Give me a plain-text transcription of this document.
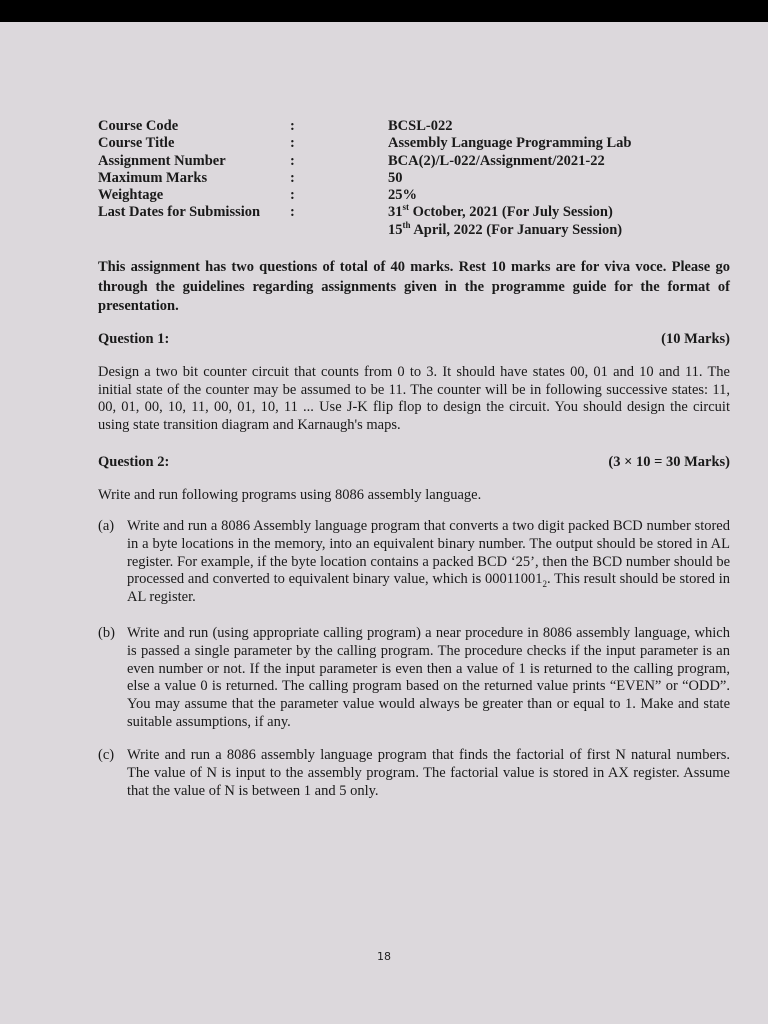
Course Code	:	BCSL-022
Course Title	:	Assembly Language Programming Lab
Assignment Number	:	BCA(2)/L-022/Assignment/2021-22
Maximum Marks	:	50
Weightage	:	25%
Last Dates for Submission :	31st October, 2021 (For July Session)
15th April, 2022 (For January Session)
This assignment has two questions of total of 40 marks. Rest 10 marks are for viva voce. Please go through the guidelines regarding assignments given in the programme guide for the format of presentation.
Question 1:	(10 Marks)
Design a two bit counter circuit that counts from 0 to 3. It should have states 00, 01 and 10 and 11. The initial state of the counter may be assumed to be 11. The counter will be in following successive states: 11, 00, 01, 00, 10, 11, 00, 01, 10, 11 ... Use J-K flip flop to design the circuit. You should design the circuit using state transition diagram and Karnaugh's maps.
Question 2:	(3 × 10 = 30 Marks)
Write and run following programs using 8086 assembly language.
(a) Write and run a 8086 Assembly language program that converts a two digit packed BCD number stored in a byte locations in the memory, into an equivalent binary number. The output should be stored in AL register. For example, if the byte location contains a packed BCD ‘25’, then the BCD number should be processed and converted to equivalent binary value, which is $00011001_2$. This result should be stored in AL register.
(b) Write and run (using appropriate calling program) a near procedure in 8086 assembly language, which is passed a single parameter by the calling program. The procedure checks if the input parameter is an even number or not. If the input parameter is even then a value of 1 is returned to the calling program, else a value 0 is returned. The calling program based on the returned value prints “EVEN” or “ODD”. You may assume that the parameter value would always be greater than or equal to 1. Make and state suitable assumptions, if any.
(c) Write and run a 8086 assembly language program that finds the factorial of first N natural numbers. The value of N is input to the assembly program. The factorial value is stored in AX register. Assume that the value of N is between 1 and 5 only.
18
